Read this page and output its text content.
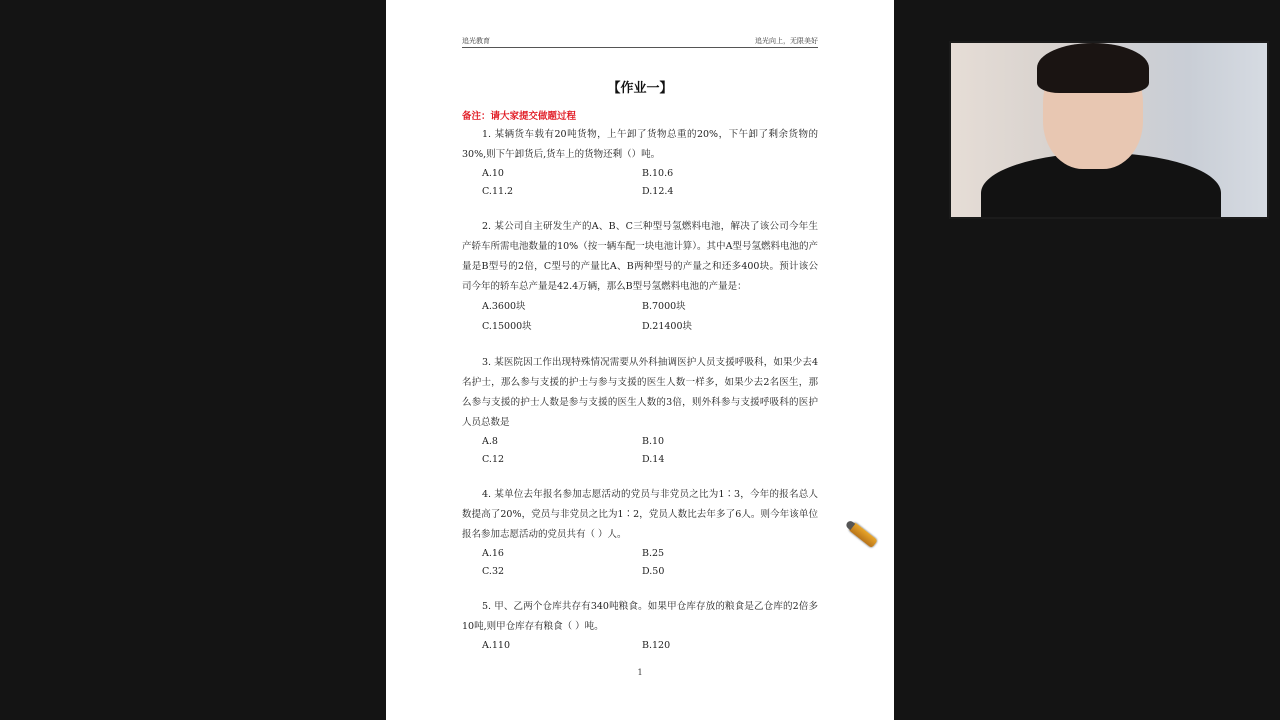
追光教育	追光向上，无限美好
【作业一】
备注：请大家提交做题过程

1. 某辆货车载有20吨货物，上午卸了货物总重的20%，下午卸了剩余货物的30%,则下午卸货后,货车上的货物还剩（）吨。

A.10	B.10.6
C.11.2	D.12.4

2. 某公司自主研发生产的A、B、C三种型号氢燃料电池，解决了该公司今年生产轿车所需电池数量的10%（按一辆车配一块电池计算）。其中A型号氢燃料电池的产量是B型号的2倍，C型号的产量比A、B两种型号的产量之和还多400块。预计该公司今年的轿车总产量是42.4万辆，那么B型号氢燃料电池的产量是：

A.3600块	B.7000块
C.15000块	D.21400块

3. 某医院因工作出现特殊情况需要从外科抽调医护人员支援呼吸科，如果少去4名护士，那么参与支援的护士与参与支援的医生人数一样多，如果少去2名医生，那么参与支援的护士人数是参与支援的医生人数的3倍，则外科参与支援呼吸科的医护人员总数是

A.8	B.10
C.12	D.14

4. 某单位去年报名参加志愿活动的党员与非党员之比为1∶3，今年的报名总人数提高了20%，党员与非党员之比为1∶2，党员人数比去年多了6人。则今年该单位报名参加志愿活动的党员共有（ ）人。

A.16	B.25
C.32	D.50

5. 甲、乙两个仓库共存有340吨粮食。如果甲仓库存放的粮食是乙仓库的2倍多10吨,则甲仓库存有粮食（ ）吨。

A.110	B.120
1
